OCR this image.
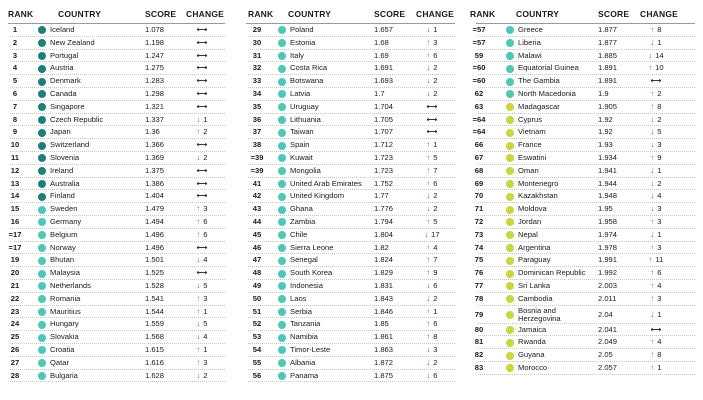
RANK	COUNTRY	SCORE CHANGE
1	Iceland	1.078	⟷
2	New Zealand	1.198	⟷
3	Portugal	1.247	⟷
4	Austria	1.275	⟷
5	Denmark	1.283	⟷
6	Canada	1.298	⟷
7	Singapore	1.321	⟷
8	Czech Republic	1.337	↓ 1
9	Japan	1.36	↑ 2
10	Switzerland	1.366	⟷
11	Slovenia	1.369	↓ 2
12	Ireland	1.375	⟷
13	Australia	1.386	⟷
14	Finland	1.404	⟷
15	Sweden	1.479	↑ 3
16	Germany	1.494	↑ 6
=17	Belgium	1.496	↑ 6
=17	Norway	1.496	⟷
19	Bhutan	1.501	↓ 4
20	Malaysia	1.525	⟷
21	Netherlands	1.528	↓ 5
22	Romania	1.541	↑ 3
23	Mauritius	1.544	↑ 1
24	Hungary	1.559	↓ 5
25	Slovakia	1.568	↓ 4
26	Croatia	1.615	↑ 1
27	Qatar	1.616	↑ 3
28	Bulgaria	1.628	↓ 2
RANK COUNTRY	SCORE CHANGE
29	Poland	1.657	↓ 1
30	Estonia	1.68	↑ 3
31	Italy	1.69	↑ 6
32	Costa Rica	1.691	↓ 2
33	Botswana	1.693	↓ 2
34	Latvia	1.7	↓ 2
35	Uruguay	1.704	⟷
36	Lithuania	1.705	⟷
37	Taiwan	1.707	⟷
38	Spain	1.712	↑ 1
=39	Kuwait	1.723	↑ 5
=39	Mongolia	1.723	↑ 7
41	United Arab Emirates	1.752	↑ 6
42	United Kingdom	1.77	↓ 2
43	Ghana	1.776	↓ 2
44	Zambia	1.794	↑ 5
45	Chile	1.804	↓ 17
46	Sierra Leone	1.82	↑ 4
47	Senegal	1.824	↑ 7
48	South Korea	1.829	↑ 9
49	Indonesia	1.831	↓ 6
50	Laos	1.843	↓ 2
51	Serbia	1.846	↑ 1
52	Tanzania	1.85	↑ 6
53	Namibia	1.861	↑ 8
54	Timor-Leste	1.863	↓ 3
55	Albania	1.872	↓ 2
56	Panama	1.875	↓ 6
RANK COUNTRY	SCORE CHANGE
=57	Greece	1.877	↑ 8
=57	Liberia	1.877	↓ 1
59	Malawi	1.885	↓ 14
=60	Equatorial Guinea	1.891	↑ 10
=60	The Gambia	1.891	⟷
62	North Macedonia	1.9	↑ 2
63	Madagascar	1.905	↑ 8
=64	Cyprus	1.92	↓ 2
=64	Vietnam	1.92	↓ 5
66	France	1.93	↓ 3
67	Eswatini	1.934	↑ 9
68	Oman	1.941	↓ 1
69	Montenegro	1.944	↓ 2
70	Kazakhstan	1.948	↓ 4
71	Moldova	1.95	↓ 3
72	Jordan	1.958	↑ 3
73	Nepal	1.974	↓ 1
74	Argentina	1.978	↑ 3
75	Paraguay	1.991	↑ 11
76	Dominican Republic	1.992	↑ 6
77	Sri Lanka	2.003	↑ 4
78	Cambodia	2.011	↑ 3
79	Bosnia and Herzegovina	2.04	↓ 1
80	Jamaica	2.041	⟷
81	Rwanda	2.049	↑ 4
82	Guyana	2.05	↑ 8
83	Morocco	2.057	↑ 1
